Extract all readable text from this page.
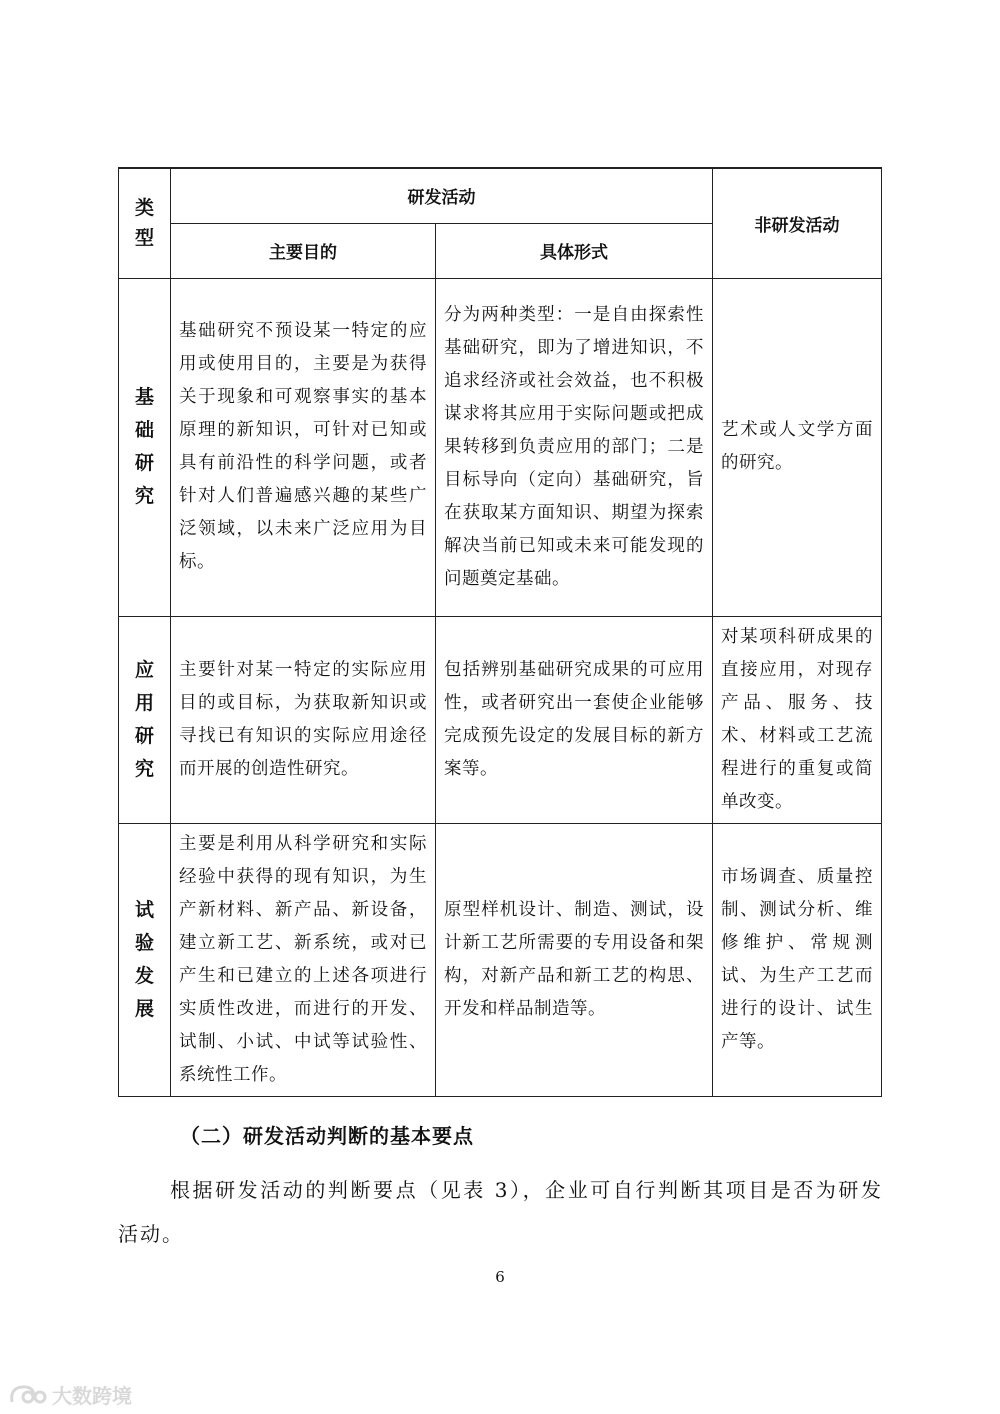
类型	研发活动		非研发活动
	主要目的	具体形式	

基础研究	基础研究不预设某一特定的应用或使用目的，主要是为获得关于现象和可观察事实的基本原理的新知识，可针对已知或具有前沿性的科学问题，或者针对人们普遍感兴趣的某些广泛领域，以未来广泛应用为目标。	分为两种类型：一是自由探索性基础研究，即为了增进知识，不追求经济或社会效益，也不积极谋求将其应用于实际问题或把成果转移到负责应用的部门；二是目标导向（定向）基础研究，旨在获取某方面知识、期望为探索解决当前已知或未来可能发现的问题奠定基础。	艺术或人文学方面的研究。

应用研究	主要针对某一特定的实际应用目的或目标，为获取新知识或寻找已有知识的实际应用途径而开展的创造性研究。	包括辨别基础研究成果的可应用性，或者研究出一套使企业能够完成预先设定的发展目标的新方案等。	对某项科研成果的直接应用，对现存产品、服务、技术、材料或工艺流程进行的重复或简单改变。

试验发展	主要是利用从科学研究和实际经验中获得的现有知识，为生产新材料、新产品、新设备，建立新工艺、新系统，或对已产生和已建立的上述各项进行实质性改进，而进行的开发、试制、小试、中试等试验性、系统性工作。	原型样机设计、制造、测试，设计新工艺所需要的专用设备和架构，对新产品和新工艺的构思、开发和样品制造等。	市场调查、质量控制、测试分析、维修维护、常规测试、为生产工艺而进行的设计、试生产等。
（二）研发活动判断的基本要点
根据研发活动的判断要点（见表 3），企业可自行判断其项目是否为研发活动。
6
大数跨境
